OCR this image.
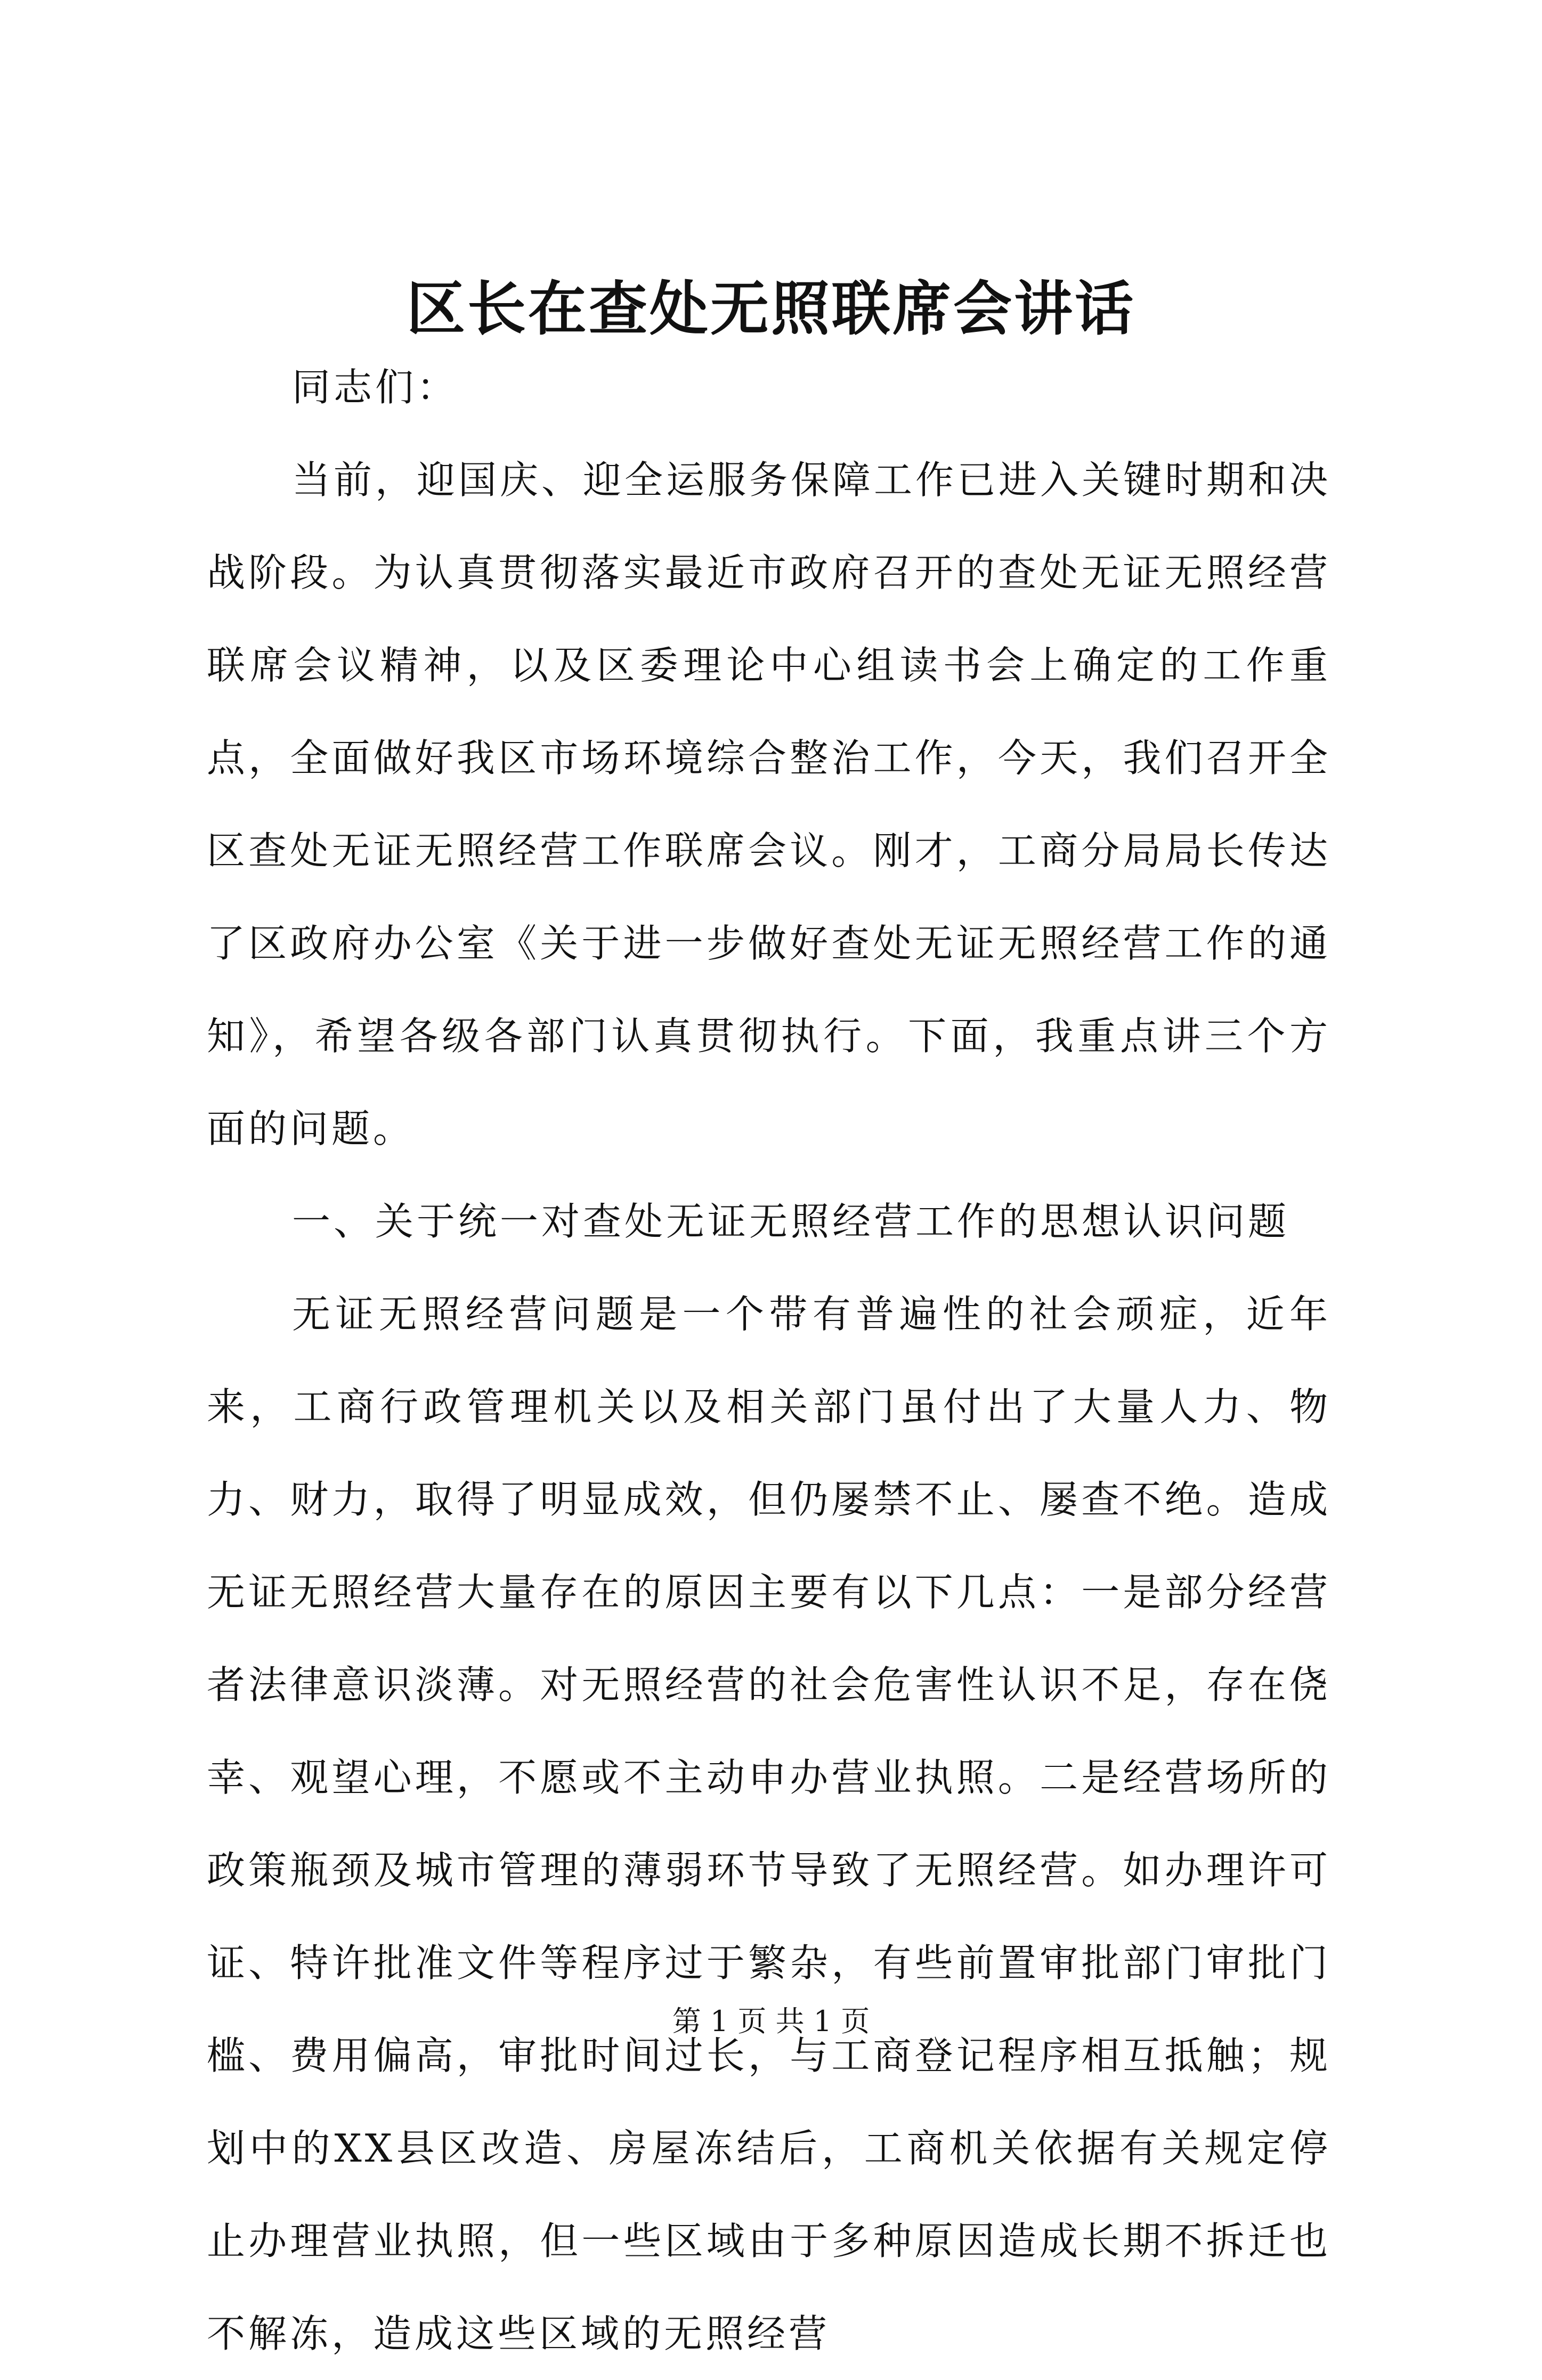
区长在查处无照联席会讲话

同志们：

当前，迎国庆、迎全运服务保障工作已进入关键时期和决战阶段。为认真贯彻落实最近市政府召开的查处无证无照经营联席会议精神，以及区委理论中心组读书会上确定的工作重点，全面做好我区市场环境综合整治工作，今天，我们召开全区查处无证无照经营工作联席会议。刚才，工商分局局长传达了区政府办公室《关于进一步做好查处无证无照经营工作的通知》，希望各级各部门认真贯彻执行。下面，我重点讲三个方面的问题。

一、关于统一对查处无证无照经营工作的思想认识问题

无证无照经营问题是一个带有普遍性的社会顽症，近年来，工商行政管理机关以及相关部门虽付出了大量人力、物力、财力，取得了明显成效，但仍屡禁不止、屡查不绝。造成无证无照经营大量存在的原因主要有以下几点：一是部分经营者法律意识淡薄。对无照经营的社会危害性认识不足，存在侥幸、观望心理，不愿或不主动申办营业执照。二是经营场所的政策瓶颈及城市管理的薄弱环节导致了无照经营。如办理许可证、特许批准文件等程序过于繁杂，有些前置审批部门审批门槛、费用偏高，审批时间过长，与工商登记程序相互抵触；规划中的XX县区改造、房屋冻结后，工商机关依据有关规定停止办理营业执照，但一些区域由于多种原因造成长期不拆迁也不解冻，造成这些区域的无照经营

第 1 页 共 1 页
